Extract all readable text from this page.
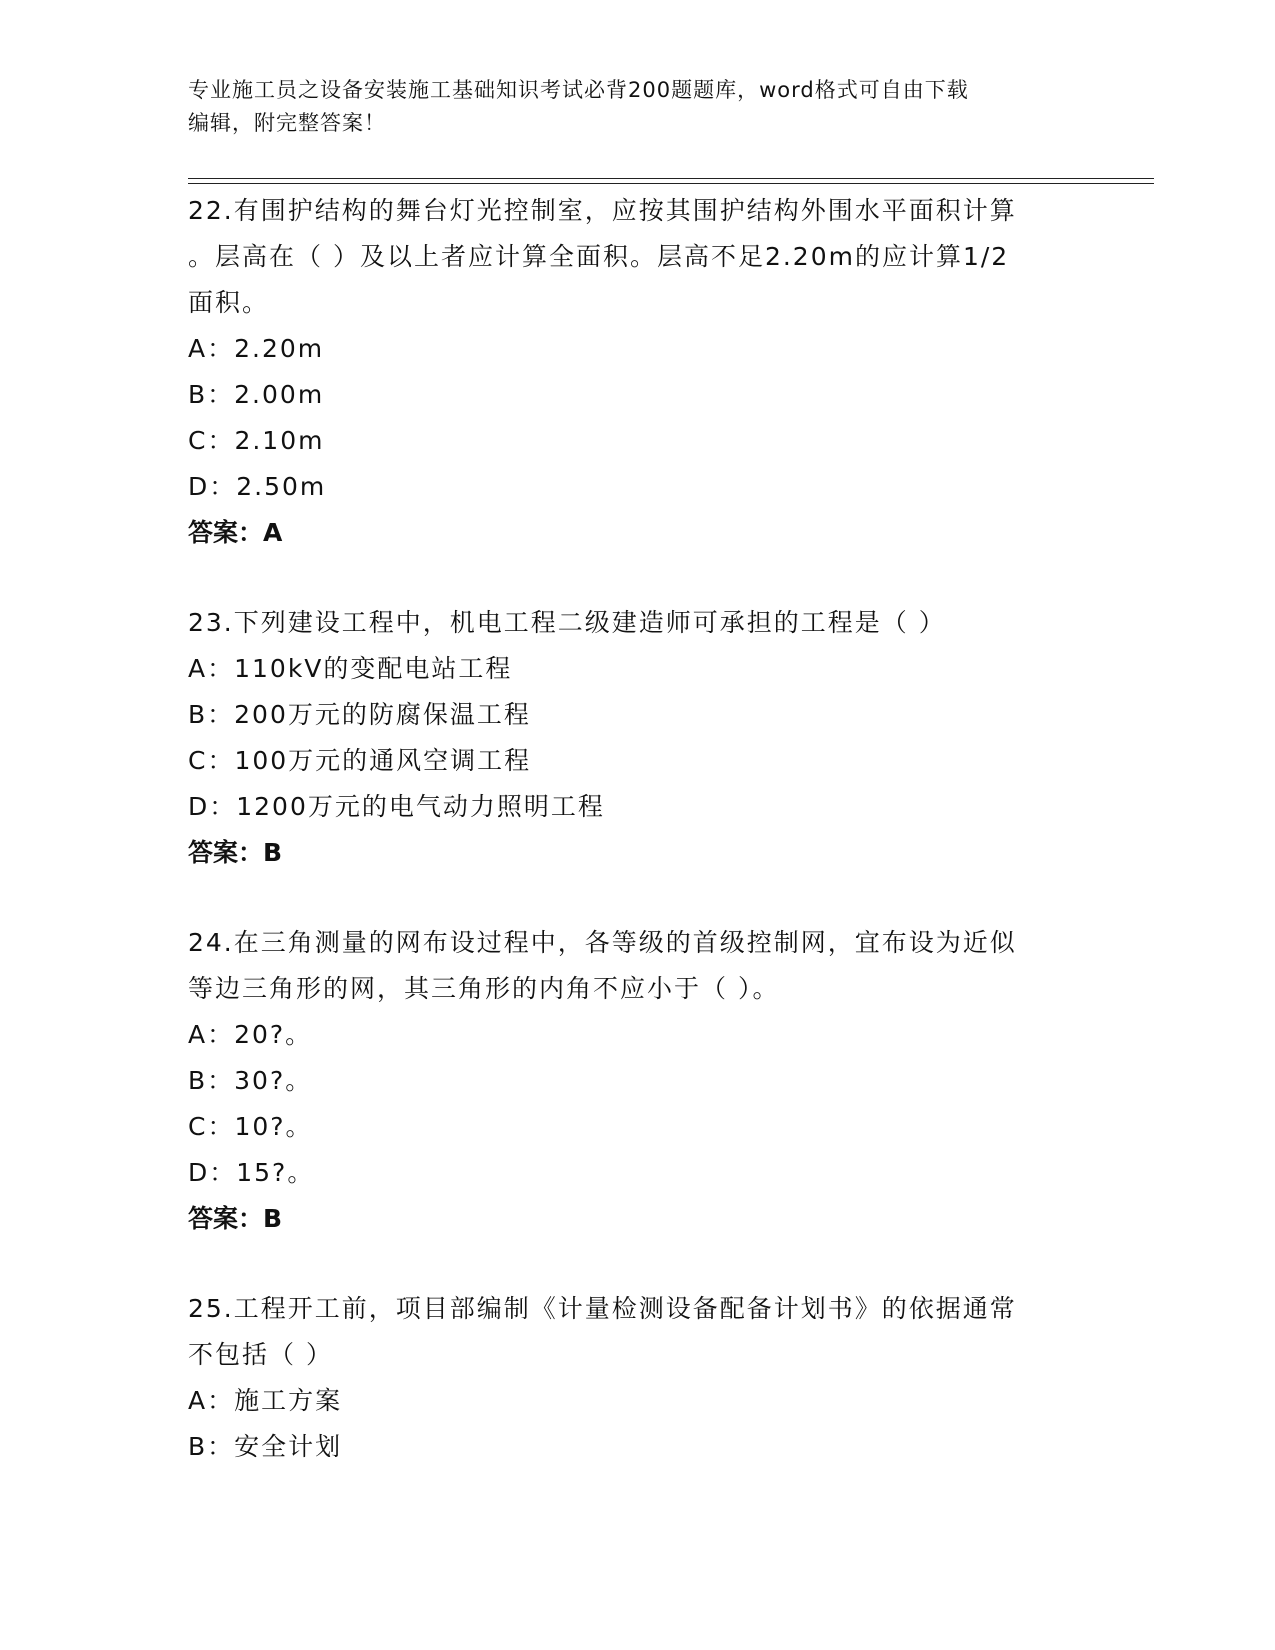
专业施工员之设备安装施工基础知识考试必背200题题库，word格式可自由下载
编辑，附完整答案！

22.有围护结构的舞台灯光控制室，应按其围护结构外围水平面积计算

。层高在（ ）及以上者应计算全面积。层高不足2.20m的应计算1/2

面积。

A：2.20m

B：2.00m

C：2.10m

D：2.50m

答案：A

23.下列建设工程中，机电工程二级建造师可承担的工程是（ ）

A：110kV的变配电站工程

B：200万元的防腐保温工程

C：100万元的通风空调工程

D：1200万元的电气动力照明工程

答案：B

24.在三角测量的网布设过程中，各等级的首级控制网，宜布设为近似

等边三角形的网，其三角形的内角不应小于（ ）。

A：20?。

B：30?。

C：10?。

D：15?。

答案：B

25.工程开工前，项目部编制《计量检测设备配备计划书》的依据通常

不包括（ ）

A：施工方案

B：安全计划
